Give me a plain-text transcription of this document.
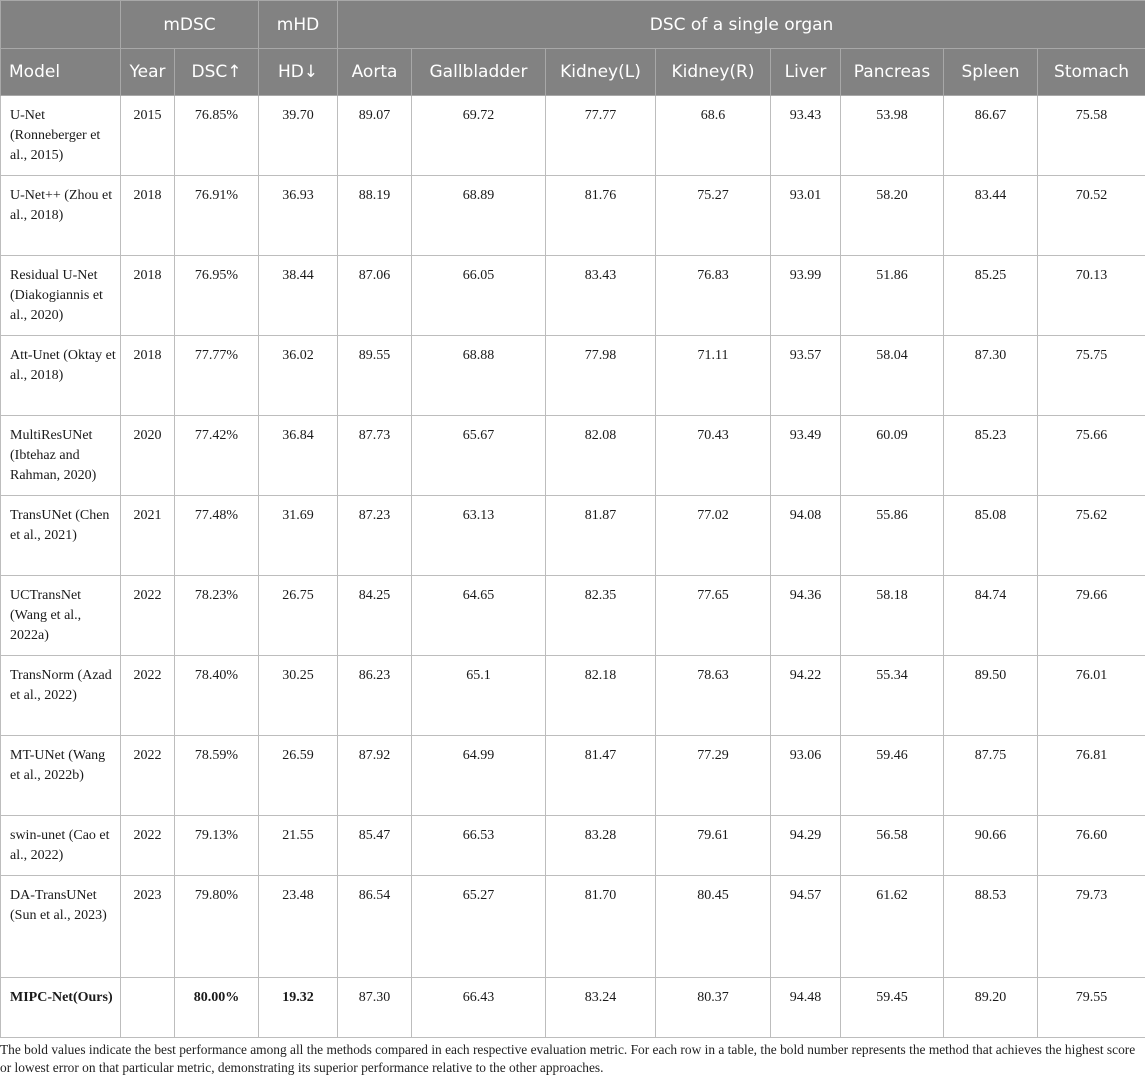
	mDSC		mHD	DSC of a single organ							
Model	Year	DSC↑	HD↓	Aorta	Gallbladder	Kidney(L)	Kidney(R)	Liver	Pancreas	Spleen	Stomach
U-Net (Ronneberger et al., 2015)	2015	76.85%	39.70	89.07	69.72	77.77	68.6	93.43	53.98	86.67	75.58
U-Net++ (Zhou et al., 2018)	2018	76.91%	36.93	88.19	68.89	81.76	75.27	93.01	58.20	83.44	70.52
Residual U-Net (Diakogiannis et al., 2020)	2018	76.95%	38.44	87.06	66.05	83.43	76.83	93.99	51.86	85.25	70.13
Att-Unet (Oktay et al., 2018)	2018	77.77%	36.02	89.55	68.88	77.98	71.11	93.57	58.04	87.30	75.75
MultiResUNet (Ibtehaz and Rahman, 2020)	2020	77.42%	36.84	87.73	65.67	82.08	70.43	93.49	60.09	85.23	75.66
TransUNet (Chen et al., 2021)	2021	77.48%	31.69	87.23	63.13	81.87	77.02	94.08	55.86	85.08	75.62
UCTransNet (Wang et al., 2022a)	2022	78.23%	26.75	84.25	64.65	82.35	77.65	94.36	58.18	84.74	79.66
TransNorm (Azad et al., 2022)	2022	78.40%	30.25	86.23	65.1	82.18	78.63	94.22	55.34	89.50	76.01
MT-UNet (Wang et al., 2022b)	2022	78.59%	26.59	87.92	64.99	81.47	77.29	93.06	59.46	87.75	76.81
swin-unet (Cao et al., 2022)	2022	79.13%	21.55	85.47	66.53	83.28	79.61	94.29	56.58	90.66	76.60
DA-TransUNet (Sun et al., 2023)	2023	79.80%	23.48	86.54	65.27	81.70	80.45	94.57	61.62	88.53	79.73
MIPC-Net(Ours)		80.00%	19.32	87.30	66.43	83.24	80.37	94.48	59.45	89.20	79.55
The bold values indicate the best performance among all the methods compared in each respective evaluation metric. For each row in a table, the bold number represents the method that achieves the highest score or lowest error on that particular metric, demonstrating its superior performance relative to the other approaches.
